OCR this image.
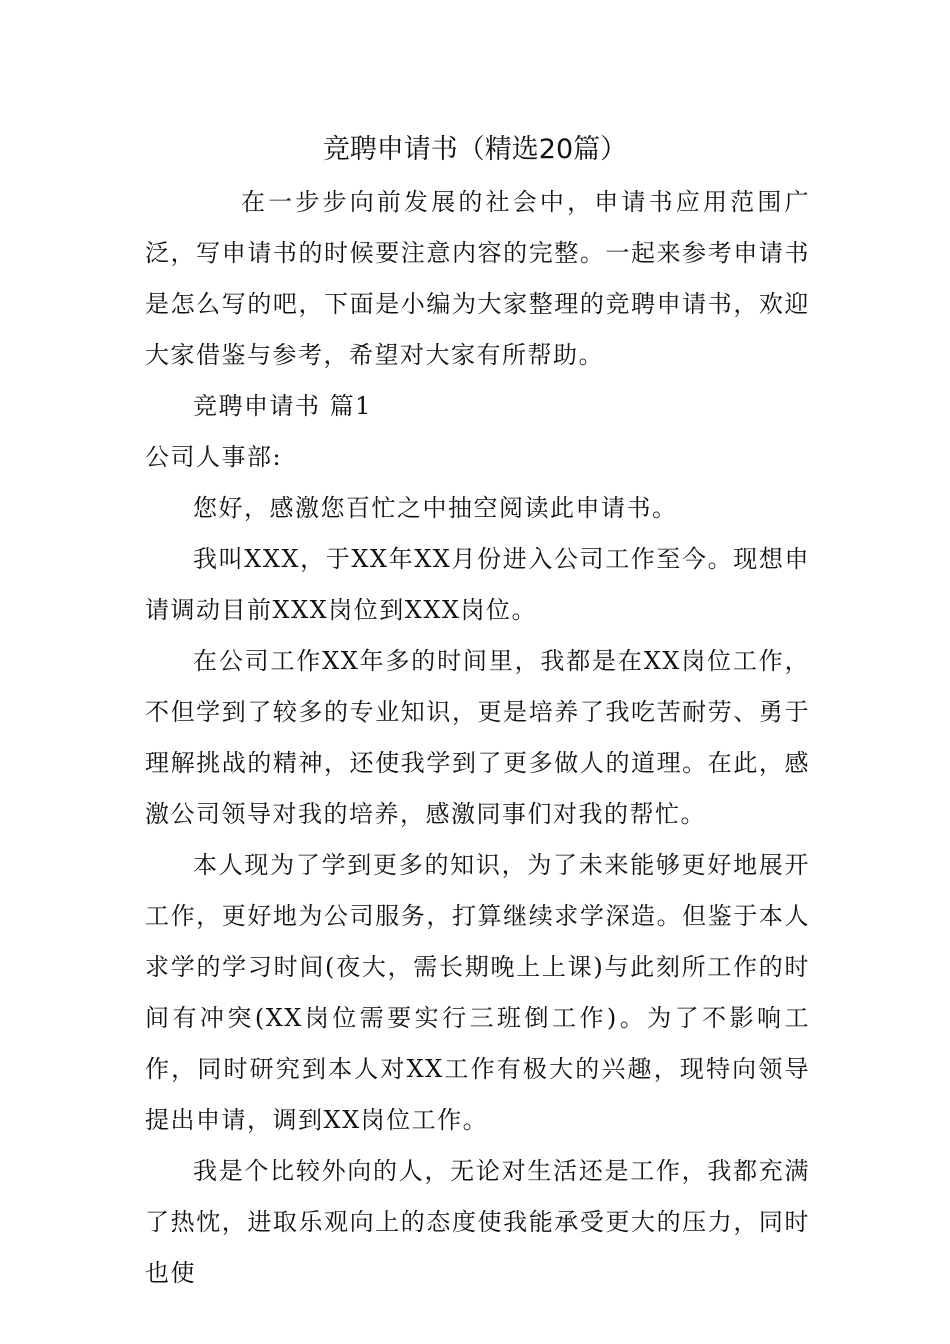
竞聘申请书（精选20篇）

在一步步向前发展的社会中，申请书应用范围广泛，写申请书的时候要注意内容的完整。一起来参考申请书是怎么写的吧，下面是小编为大家整理的竞聘申请书，欢迎大家借鉴与参考，希望对大家有所帮助。

竞聘申请书 篇1

公司人事部:

您好，感激您百忙之中抽空阅读此申请书。

我叫XXX，于XX年XX月份进入公司工作至今。现想申请调动目前XXX岗位到XXX岗位。

在公司工作XX年多的时间里，我都是在XX岗位工作，不但学到了较多的专业知识，更是培养了我吃苦耐劳、勇于理解挑战的精神，还使我学到了更多做人的道理。在此，感激公司领导对我的培养，感激同事们对我的帮忙。

本人现为了学到更多的知识，为了未来能够更好地展开工作，更好地为公司服务，打算继续求学深造。但鉴于本人求学的学习时间(夜大，需长期晚上上课)与此刻所工作的时间有冲突(XX岗位需要实行三班倒工作)。为了不影响工作，同时研究到本人对XX工作有极大的兴趣，现特向领导提出申请，调到XX岗位工作。

我是个比较外向的人，无论对生活还是工作，我都充满了热忱，进取乐观向上的态度使我能承受更大的压力，同时也使
